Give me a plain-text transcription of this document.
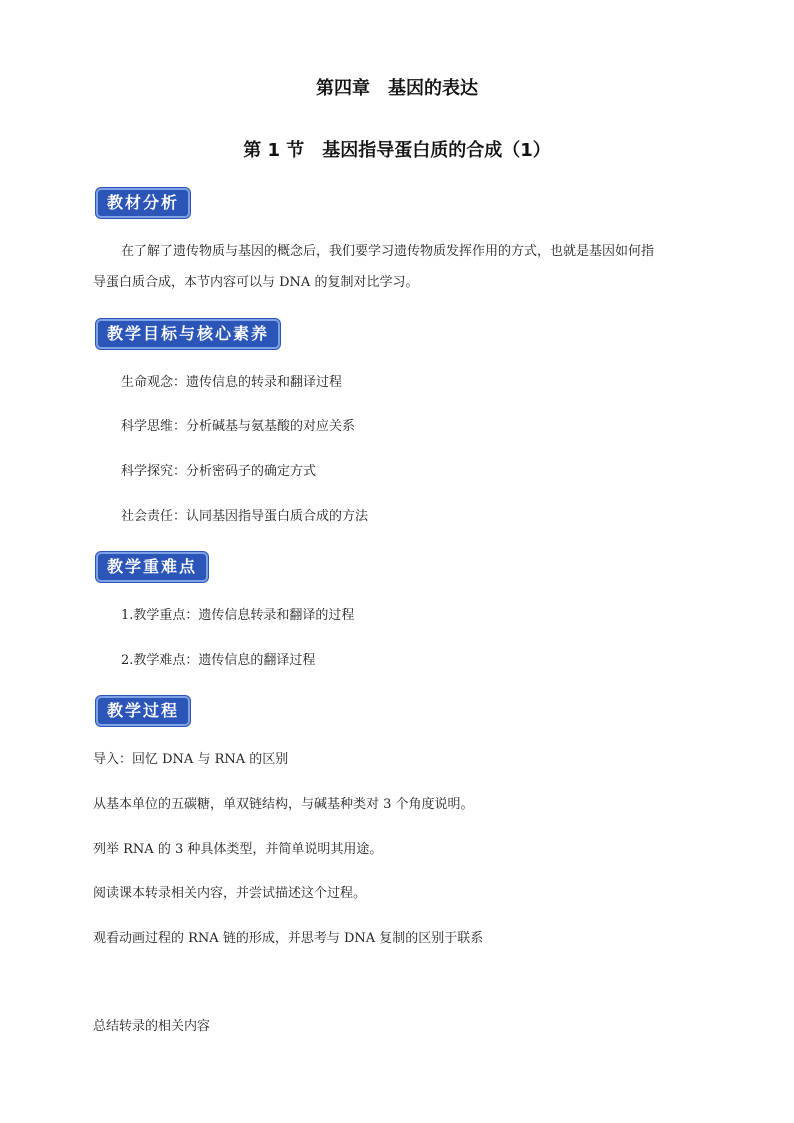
第四章 基因的表达
第 1 节 基因指导蛋白质的合成（1）
教材分析

在了解了遗传物质与基因的概念后，我们要学习遗传物质发挥作用的方式，也就是基因如何指

导蛋白质合成，本节内容可以与 DNA 的复制对比学习。

教学目标与核心素养

生命观念：遗传信息的转录和翻译过程

科学思维：分析碱基与氨基酸的对应关系

科学探究：分析密码子的确定方式

社会责任：认同基因指导蛋白质合成的方法

教学重难点

1.教学重点：遗传信息转录和翻译的过程

2.教学难点：遗传信息的翻译过程

教学过程

导入：回忆 DNA 与 RNA 的区别

从基本单位的五碳糖，单双链结构，与碱基种类对 3 个角度说明。

列举 RNA 的 3 种具体类型，并简单说明其用途。

阅读课本转录相关内容，并尝试描述这个过程。

观看动画过程的 RNA 链的形成，并思考与 DNA 复制的区别于联系

总结转录的相关内容
